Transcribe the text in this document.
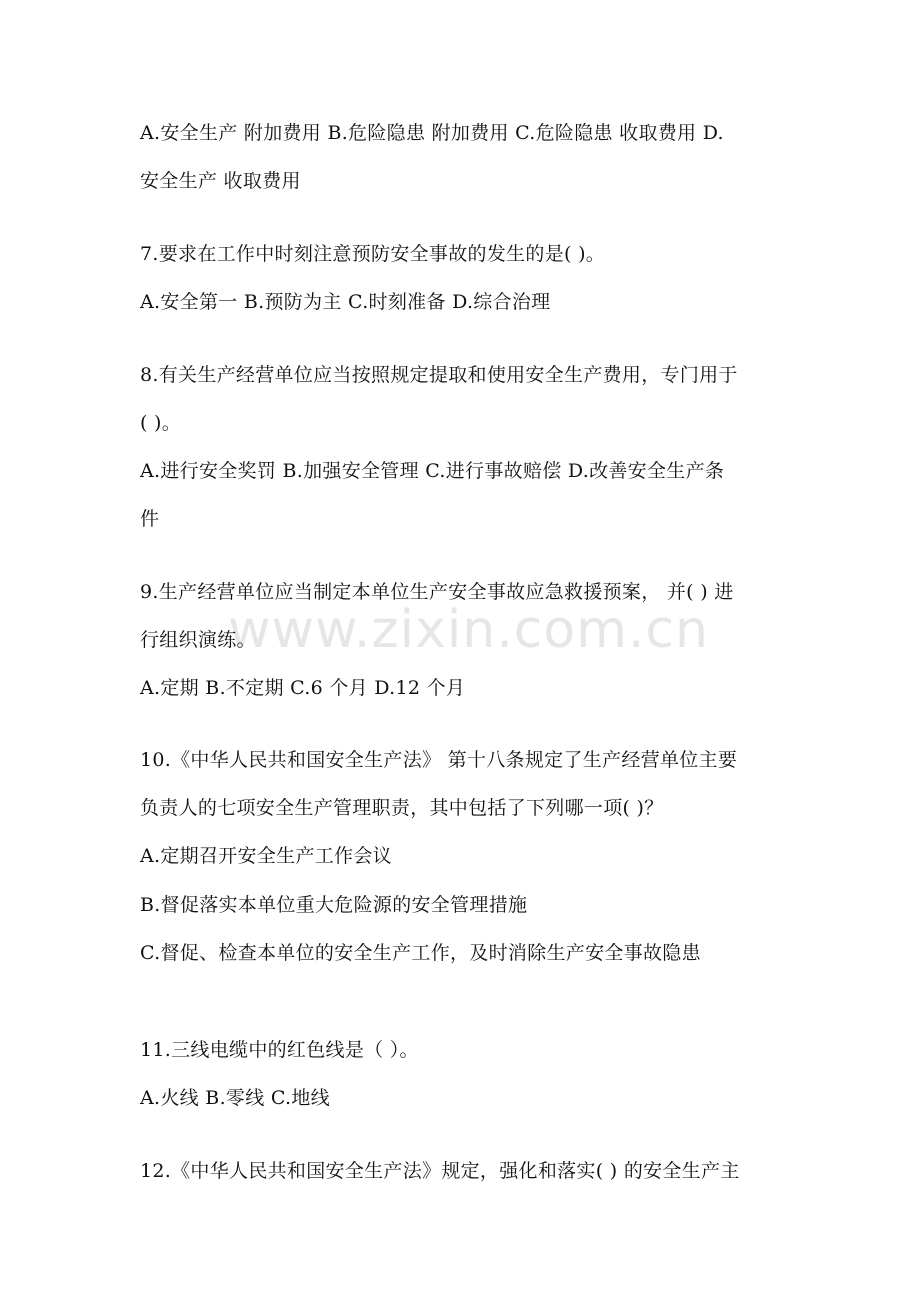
www.zixin.com.cn
A.安全生产 附加费用 B.危险隐患 附加费用 C.危险隐患 收取费用 D.
安全生产 收取费用
7.要求在工作中时刻注意预防安全事故的发生的是( )。
A.安全第一 B.预防为主 C.时刻准备 D.综合治理
8.有关生产经营单位应当按照规定提取和使用安全生产费用，专门用于
( )。
A.进行安全奖罚 B.加强安全管理 C.进行事故赔偿 D.改善安全生产条
件
9.生产经营单位应当制定本单位生产安全事故应急救援预案， 并( ) 进
行组织演练。
A.定期 B.不定期 C.6 个月 D.12 个月
10.《中华人民共和国安全生产法》 第十八条规定了生产经营单位主要
负责人的七项安全生产管理职责，其中包括了下列哪一项( )？
A.定期召开安全生产工作会议
B.督促落实本单位重大危险源的安全管理措施
C.督促、检查本单位的安全生产工作，及时消除生产安全事故隐患
11.三线电缆中的红色线是（ ）。
A.火线 B.零线 C.地线
12.《中华人民共和国安全生产法》规定，强化和落实( ) 的安全生产主
